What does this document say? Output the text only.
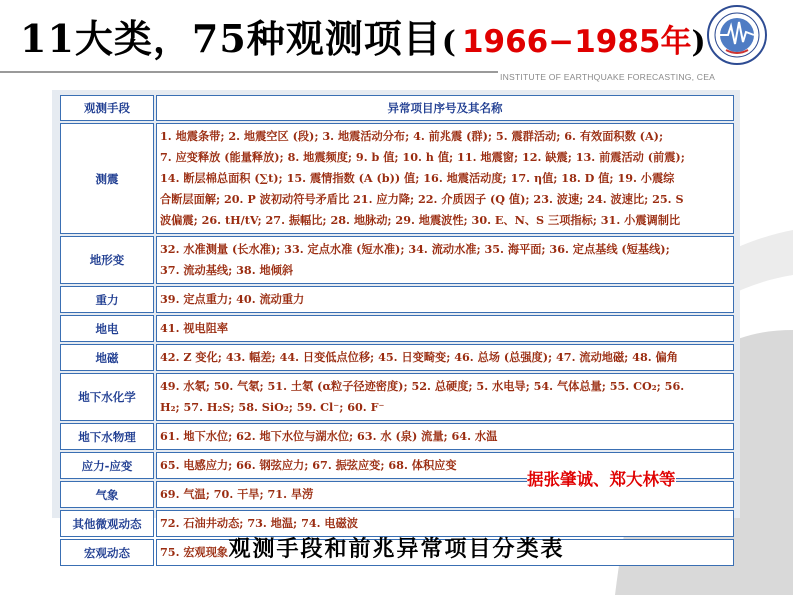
11大类，75种观测项目( 1966−1985年)
INSTITUTE OF EARTHQUAKE FORECASTING, CEA
观测手段	异常项目序号及其名称
测震	1. 地震条带; 2. 地震空区 (段); 3. 地震活动分布; 4. 前兆震 (群); 5. 震群活动; 6. 有效面积数 (A);
7. 应变释放 (能量释放); 8. 地震频度; 9. b 值; 10. h 值; 11. 地震窗; 12. 缺震; 13. 前震活动 (前震);
14. 断层棉总面积 (∑t); 15. 震情指数 (A (b)) 值; 16. 地震活动度; 17. η值; 18. D 值; 19. 小震综
合断层面解; 20. P 波初动符号矛盾比 21. 应力降; 22. 介质因子 (Q 值); 23. 波速; 24. 波速比; 25. S
波偏震; 26. tH/tV; 27. 振幅比; 28. 地脉动; 29. 地震波性; 30. E、N、S 三项指标; 31. 小震调制比

地形变	32. 水准测量 (长水准); 33. 定点水准 (短水准); 34. 流动水准; 35. 海平面; 36. 定点基线 (短基线);
37. 流动基线; 38. 地倾斜

重力	39. 定点重力; 40. 流动重力

地电	41. 视电阻率

地磁	42. Z 变化; 43. 幅差; 44. 日变低点位移; 45. 日变畸变; 46. 总场 (总强度); 47. 流动地磁; 48. 偏角

地下水化学	49. 水氡; 50. 气氡; 51. 土氡 (α粒子径迹密度); 52. 总硬度; 5. 水电导; 54. 气体总量; 55. CO₂; 56.
H₂; 57. H₂S; 58. SiO₂; 59. Cl⁻; 60. F⁻

地下水物理	61. 地下水位; 62. 地下水位与湖水位; 63. 水 (泉) 流量; 64. 水温

应力-应变	65. 电感应力; 66. 钢弦应力; 67. 振弦应变; 68. 体积应变

气象	69. 气温; 70. 干旱; 71. 旱涝

其他微观动态	72. 石油井动态; 73. 地温; 74. 电磁波

宏观动态	75. 宏观现象
据张肇诚、郑大林等
观测手段和前兆异常项目分类表
